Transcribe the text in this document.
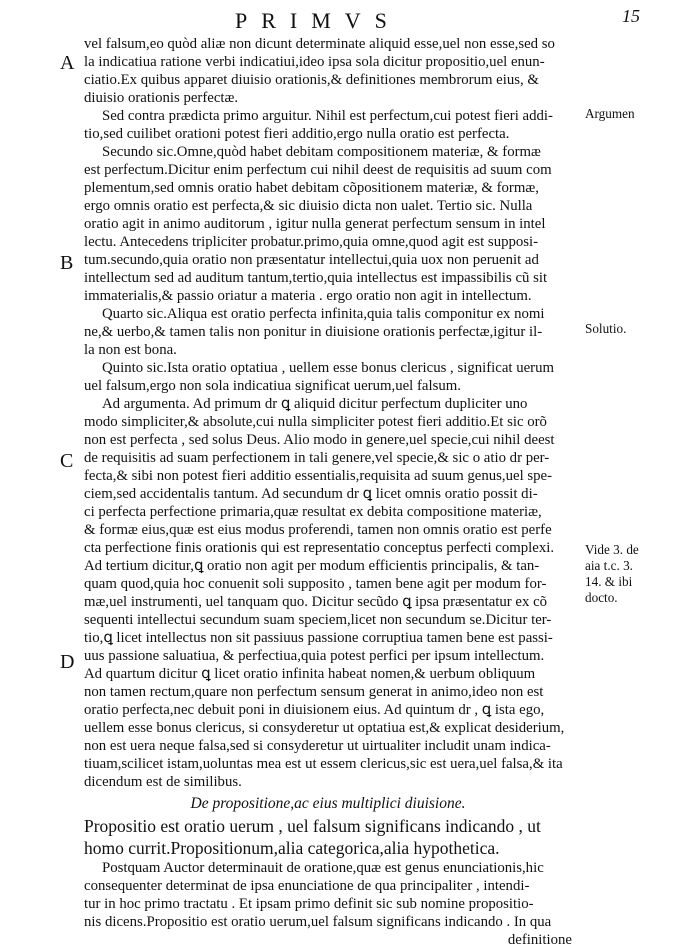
PRIMVS	15
A
B
C
D
Argumen
Solutio.
Vide 3. de
aia t.c. 3.
14. & ibi
docto.
vel falsum,eo quòd aliæ non dicunt determinate aliquid esse,uel non esse,sed so
la indicatiua ratione verbi indicatiui,ideo ipsa sola dicitur propositio,uel enun-
ciatio.Ex quibus apparet diuisio orationis,& definitiones membrorum eius, &
diuisio orationis perfectæ.
Sed contra prædicta primo arguitur. Nihil est perfectum,cui potest fieri addi-
tio,sed cuilibet orationi potest fieri additio,ergo nulla oratio est perfecta.
Secundo sic.Omne,quòd habet debitam compositionem materiæ, & formæ
est perfectum.Dicitur enim perfectum cui nihil deest de requisitis ad suum com
plementum,sed omnis oratio habet debitam cõpositionem materiæ, & formæ,
ergo omnis oratio est perfecta,& sic diuisio dicta non ualet. Tertio sic. Nulla
oratio agit in animo auditorum , igitur nulla generat perfectum sensum in intel
lectu. Antecedens tripliciter probatur.primo,quia omne,quod agit est supposi-
tum.secundo,quia oratio non præsentatur intellectui,quia uox non peruenit ad
intellectum sed ad auditum tantum,tertio,quia intellectus est impassibilis cũ sit
immaterialis,& passio oriatur a materia . ergo oratio non agit in intellectum.
Quarto sic.Aliqua est oratio perfecta infinita,quia talis componitur ex nomi
ne,& uerbo,& tamen talis non ponitur in diuisione orationis perfectæ,igitur il-
la non est bona.
Quinto sic.Ista oratio optatiua , uellem esse bonus clericus , significat uerum
uel falsum,ergo non sola indicatiua significat uerum,uel falsum.
Ad argumenta. Ad primum dr ꝗ aliquid dicitur perfectum dupliciter uno
modo simpliciter,& absolute,cui nulla simpliciter potest fieri additio.Et sic orõ
non est perfecta , sed solus Deus. Alio modo in genere,uel specie,cui nihil deest
de requisitis ad suam perfectionem in tali genere,vel specie,& sic o atio dr per-
fecta,& sibi non potest fieri additio essentialis,requisita ad suum genus,uel spe-
ciem,sed accidentalis tantum. Ad secundum dr ꝗ licet omnis oratio possit di-
ci perfecta perfectione primaria,quæ resultat ex debita compositione materiæ,
& formæ eius,quæ est eius modus proferendi, tamen non omnis oratio est perfe
cta perfectione finis orationis qui est representatio conceptus perfecti complexi.
Ad tertium dicitur,ꝗ oratio non agit per modum efficientis principalis, & tan-
quam quod,quia hoc conuenit soli supposito , tamen bene agit per modum for-
mæ,uel instrumenti, uel tanquam quo. Dicitur secũdo ꝗ ipsa præsentatur ex cõ
sequenti intellectui secundum suam speciem,licet non secundum se.Dicitur ter-
tio,ꝗ licet intellectus non sit passiuus passione corruptiua tamen bene est passi-
uus passione saluatiua, & perfectiua,quia potest perfici per ipsum intellectum.
Ad quartum dicitur ꝗ licet oratio infinita habeat nomen,& uerbum obliquum
non tamen rectum,quare non perfectum sensum generat in animo,ideo non est
oratio perfecta,nec debuit poni in diuisionem eius. Ad quintum dr , ꝗ ista ego,
uellem esse bonus clericus, si consyderetur ut optatiua est,& explicat desiderium,
non est uera neque falsa,sed si consyderetur ut uirtualiter includit unam indica-
tiuam,scilicet istam,uoluntas mea est ut essem clericus,sic est uera,uel falsa,& ita
dicendum est de similibus.
De propositione,ac eius multiplici diuisione.
Propositio est oratio uerum , uel falsum significans indicando , ut
homo currit.Propositionum,alia categorica,alia hypothetica.
Postquam Auctor determinauit de oratione,quæ est genus enunciationis,hic
consequenter determinat de ipsa enunciatione de qua principaliter , intendi-
tur in hoc primo tractatu . Et ipsam primo definit sic sub nomine propositio-
nis dicens.Propositio est oratio uerum,uel falsum significans indicando . In qua
definitione
